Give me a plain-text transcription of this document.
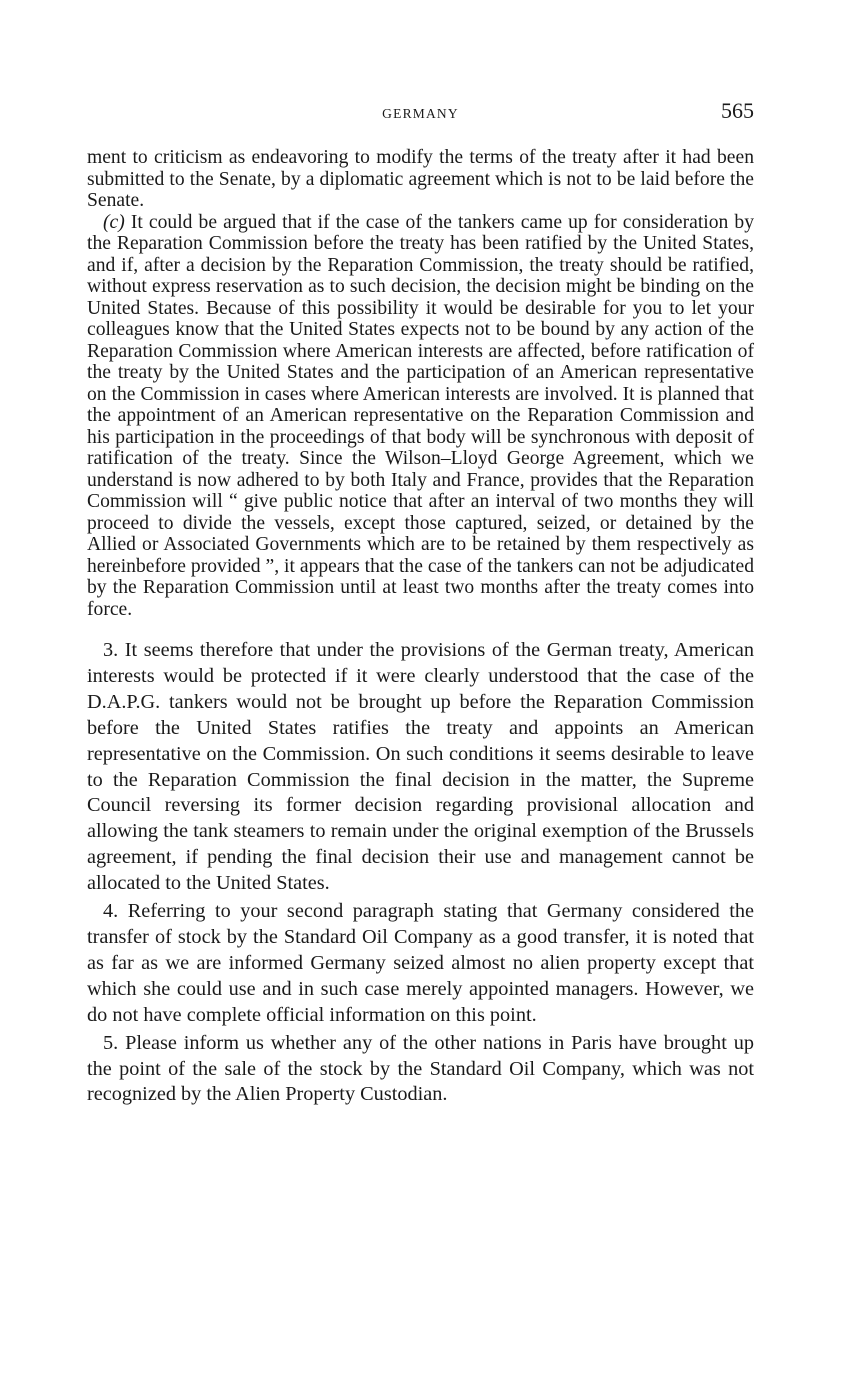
GERMANY	565

ment to criticism as endeavoring to modify the terms of the treaty after it had been submitted to the Senate, by a diplomatic agreement which is not to be laid before the Senate.

(c) It could be argued that if the case of the tankers came up for consideration by the Reparation Commission before the treaty has been ratified by the United States, and if, after a decision by the Reparation Commission, the treaty should be ratified, without express reservation as to such decision, the decision might be binding on the United States. Because of this possibility it would be desirable for you to let your colleagues know that the United States expects not to be bound by any action of the Reparation Commission where American interests are affected, before ratification of the treaty by the United States and the participation of an American representative on the Commission in cases where American interests are involved. It is planned that the appointment of an American representative on the Reparation Commission and his participation in the proceedings of that body will be synchronous with deposit of ratification of the treaty. Since the Wilson–Lloyd George Agreement, which we understand is now adhered to by both Italy and France, provides that the Reparation Commission will “ give public notice that after an interval of two months they will proceed to divide the vessels, except those captured, seized, or detained by the Allied or Associated Governments which are to be retained by them respectively as hereinbefore provided ”, it appears that the case of the tankers can not be adjudicated by the Reparation Commission until at least two months after the treaty comes into force.

3. It seems therefore that under the provisions of the German treaty, American interests would be protected if it were clearly understood that the case of the D.A.P.G. tankers would not be brought up before the Reparation Commission before the United States ratifies the treaty and appoints an American representative on the Commission. On such conditions it seems desirable to leave to the Reparation Commission the final decision in the matter, the Supreme Council reversing its former decision regarding provisional allocation and allowing the tank steamers to remain under the original exemption of the Brussels agreement, if pending the final decision their use and management cannot be allocated to the United States.

4. Referring to your second paragraph stating that Germany considered the transfer of stock by the Standard Oil Company as a good transfer, it is noted that as far as we are informed Germany seized almost no alien property except that which she could use and in such case merely appointed managers. However, we do not have complete official information on this point.

5. Please inform us whether any of the other nations in Paris have brought up the point of the sale of the stock by the Standard Oil Company, which was not recognized by the Alien Property Custodian.
